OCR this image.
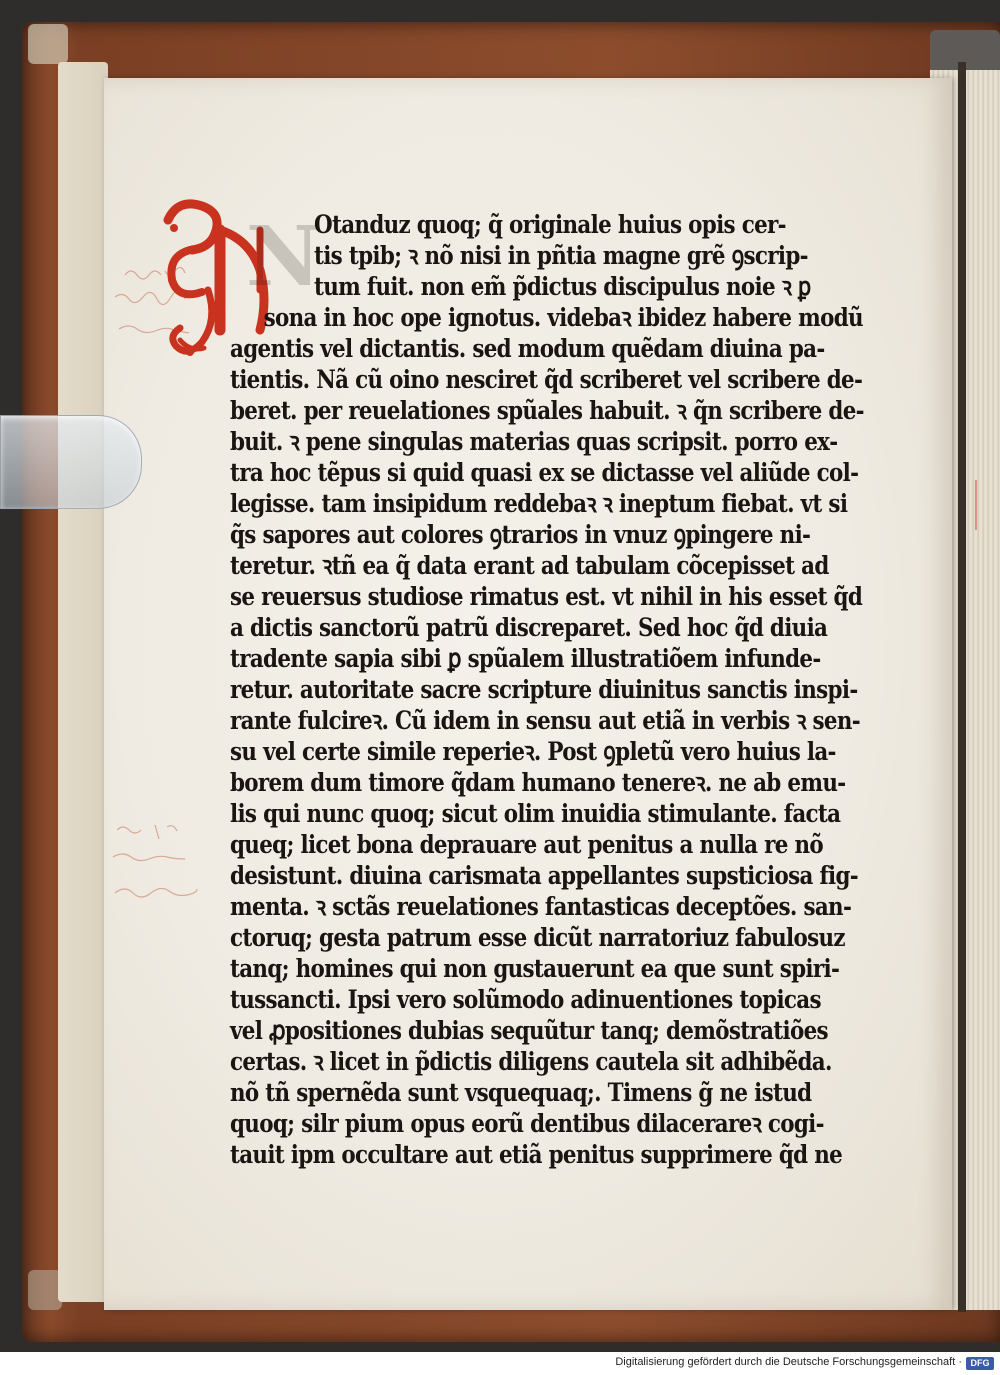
N
Otanduz quoq; q̃ originale huius opis cer‑
tis tpib; ꝛ nõ nisi in pñtia magne grẽ ꝯscrip‑
tum fuit. non em̃ p̃dictus discipulus noie ꝛ ꝑ
sona in hoc ope ignotus. videbaꝛ ibidez habere modũ
agentis vel dictantis. sed modum quẽdam diuina pa‑
tientis. Nã cũ oino nesciret q̃d scriberet vel scribere de‑
beret. per reuelationes spũales habuit. ꝛ q̃n scribere de‑
buit. ꝛ pene singulas materias quas scripsit. porro ex‑
tra hoc tẽpus si quid quasi ex se dictasse vel aliũde col‑
legisse. tam insipidum reddebaꝛ ꝛ ineptum fiebat. vt si
q̃s sapores aut colores ꝯtrarios in vnuz ꝯpingere ni‑
teretur. ꝛtñ ea q̃ data erant ad tabulam cõcepisset ad
se reuersus studiose rimatus est. vt nihil in his esset q̃d
a dictis sanctorũ patrũ discreparet. Sed hoc q̃d diuia
tradente sapia sibi ꝑ spũalem illustratiõem infunde‑
retur. autoritate sacre scripture diuinitus sanctis inspi‑
rante fulcireꝛ. Cũ idem in sensu aut etiã in verbis ꝛ sen‑
su vel certe simile reperieꝛ. Post ꝯpletũ vero huius la‑
borem dum timore q̃dam humano tenereꝛ. ne ab emu‑
lis qui nunc quoq; sicut olim inuidia stimulante. facta
queq; licet bona deprauare aut penitus a nulla re nõ
desistunt. diuina carismata appellantes supsticiosa fig‑
menta. ꝛ sctãs reuelationes fantasticas deceptões. san‑
ctoruq; gesta patrum esse dicũt narratoriuz fabulosuz
tanq; homines qui non gustauerunt ea que sunt spiri‑
tussancti. Ipsi vero solũmodo adinuentiones topicas
vel ꝓpositiones dubias sequũtur tanq; demõstratiões
certas. ꝛ licet in p̃dictis diligens cautela sit adhibẽda.
nõ tñ spernẽda sunt vsquequaq;. Timens g̃ ne istud
quoq; silr pium opus eorũ dentibus dilacerareꝛ cogi‑
tauit ipm occultare aut etiã penitus supprimere q̃d ne
Digitalisierung gefördert durch die Deutsche Forschungsgemeinschaft · DFG
